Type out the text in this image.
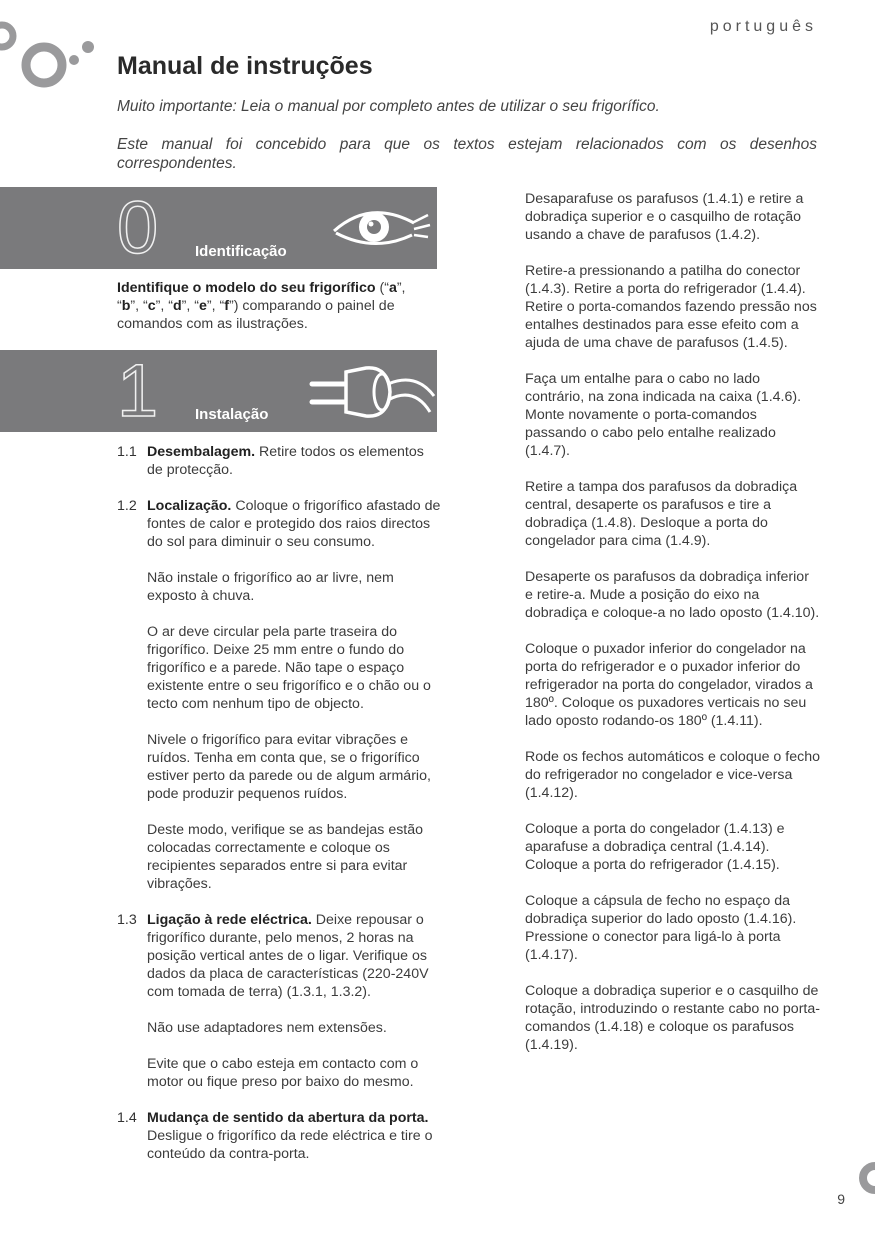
português
Manual de instruções

Muito importante: Leia o manual por completo antes de utilizar o seu frigorífico.

Este manual foi concebido para que os textos estejam relacionados com os desenhos correspondentes.

0 Identificação

Identifique o modelo do seu frigorífico (“a”, “b”, “c”, “d”, “e”, “f”) comparando o painel de comandos com as ilustrações.

1 Instalação
1.1 Desembalagem. Retire todos os elementos de protecção.

1.2 Localização. Coloque o frigorífico afastado de fontes de calor e protegido dos raios directos do sol para diminuir o seu consumo.

Não instale o frigorífico ao ar livre, nem exposto à chuva.

O ar deve circular pela parte traseira do frigorífico. Deixe 25 mm entre o fundo do frigorífico e a parede. Não tape o espaço existente entre o seu frigorífico e o chão ou o tecto com nenhum tipo de objecto.

Nivele o frigorífico para evitar vibrações e ruídos. Tenha em conta que, se o frigorífico estiver perto da parede ou de algum armário, pode produzir pequenos ruídos.

Deste modo, verifique se as bandejas estão colocadas correctamente e coloque os recipientes separados entre si para evitar vibrações.

1.3 Ligação à rede eléctrica. Deixe repousar o frigorífico durante, pelo menos, 2 horas na posição vertical antes de o ligar. Verifique os dados da placa de características (220-240V com tomada de terra) (1.3.1, 1.3.2).

Não use adaptadores nem extensões.

Evite que o cabo esteja em contacto com o motor ou fique preso por baixo do mesmo.

1.4 Mudança de sentido da abertura da porta. Desligue o frigorífico da rede eléctrica e tire o conteúdo da contra-porta.

Desaparafuse os parafusos (1.4.1) e retire a dobradiça superior e o casquilho de rotação usando a chave de parafusos (1.4.2).

Retire-a pressionando a patilha do conector (1.4.3). Retire a porta do refrigerador (1.4.4). Retire o porta-comandos fazendo pressão nos entalhes destinados para esse efeito com a ajuda de uma chave de parafusos (1.4.5).

Faça um entalhe para o cabo no lado contrário, na zona indicada na caixa (1.4.6). Monte novamente o porta-comandos passando o cabo pelo entalhe realizado (1.4.7).

Retire a tampa dos parafusos da dobradiça central, desaperte os parafusos e tire a dobradiça (1.4.8). Desloque a porta do congelador para cima (1.4.9).

Desaperte os parafusos da dobradiça inferior e retire-a. Mude a posição do eixo na dobradiça e coloque-a no lado oposto (1.4.10).

Coloque o puxador inferior do congelador na porta do refrigerador e o puxador inferior do refrigerador na porta do congelador, virados a 180º. Coloque os puxadores verticais no seu lado oposto rodando-os 180º (1.4.11).

Rode os fechos automáticos e coloque o fecho do refrigerador no congelador e vice-versa (1.4.12).

Coloque a porta do congelador (1.4.13) e aparafuse a dobradiça central (1.4.14). Coloque a porta do refrigerador (1.4.15).

Coloque a cápsula de fecho no espaço da dobradiça superior do lado oposto (1.4.16). Pressione o conector para ligá-lo à porta (1.4.17).

Coloque a dobradiça superior e o casquilho de rotação, introduzindo o restante cabo no porta-comandos (1.4.18) e coloque os parafusos (1.4.19).

9
